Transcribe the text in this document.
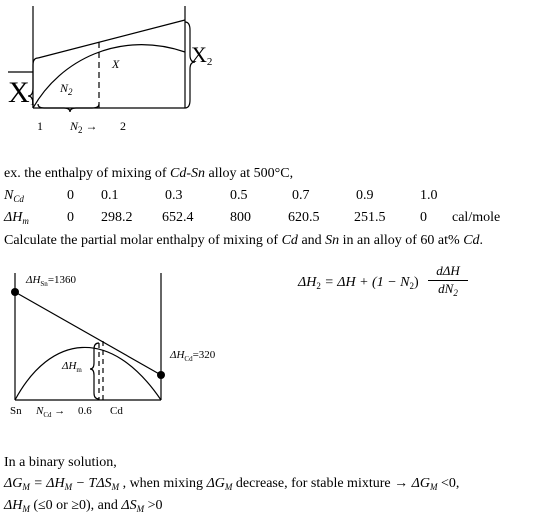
$X_1$
$X_2$
X
$N_2$
1 $N_2 \to 2$
ex. the enthalpy of mixing of Cd-Sn alloy at 500°C,
$N_{Cd}$	0 0.1	0.3	0.5	0.7	0.9	1.0
$\Delta H_m$	0 298.2 652.4	800	620.5 251.5 0 cal/mole
Calculate the partial molar enthalpy of mixing of Cd and Sn in an alloy of 60 at% Cd.
$\Delta H_2 = \Delta H + (1 - N_2)$
dΔH
$dN_2$
$\Delta H_{Sn}=1360$
$\Delta H_{Cd}=320$
$\Delta H_m$
Sn $N_{Cd} \to 0.6$ Cd
In a binary solution,
$\Delta G_M = \Delta H_M - T\Delta S_M$ , when mixing $\Delta G_M$ decrease, for stable mixture → $\Delta G_M <0$,
$\Delta H_M$ (≤0 or ≥0), and $\Delta S_M >0$
